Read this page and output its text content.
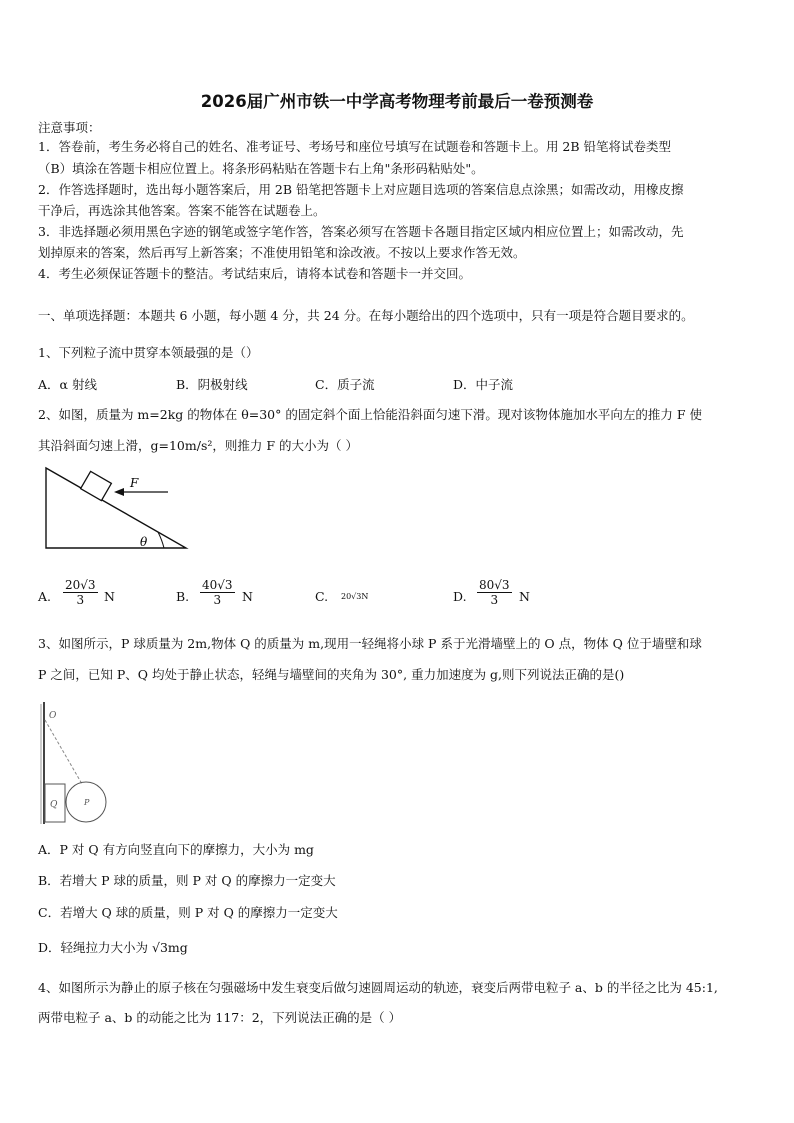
2026届广州市铁一中学高考物理考前最后一卷预测卷
注意事项：
1．答卷前，考生务必将自己的姓名、准考证号、考场号和座位号填写在试题卷和答题卡上。用 2B 铅笔将试卷类型
（B）填涂在答题卡相应位置上。将条形码粘贴在答题卡右上角"条形码粘贴处"。
2．作答选择题时，选出每小题答案后，用 2B 铅笔把答题卡上对应题目选项的答案信息点涂黑；如需改动，用橡皮擦
干净后，再选涂其他答案。答案不能答在试题卷上。
3．非选择题必须用黑色字迹的钢笔或签字笔作答，答案必须写在答题卡各题目指定区域内相应位置上；如需改动，先
划掉原来的答案，然后再写上新答案；不准使用铅笔和涂改液。不按以上要求作答无效。
4．考生必须保证答题卡的整洁。考试结束后，请将本试卷和答题卡一并交回。
一、单项选择题：本题共 6 小题，每小题 4 分，共 24 分。在每小题给出的四个选项中，只有一项是符合题目要求的。
1、下列粒子流中贯穿本领最强的是（）
A．α 射线	B．阴极射线	C．质子流	D．中子流
2、如图，质量为 m=2kg 的物体在 θ=30° 的固定斜个面上恰能沿斜面匀速下滑。现对该物体施加水平向左的推力 F 使
其沿斜面匀速上滑，g=10m/s²，则推力 F 的大小为（ ）
F
θ
A. $\frac{20√3}{3}$ N	B. $\frac{40√3}{3}$ N	C. 20√3N	D. $\frac{80√3}{3}$ N
3、如图所示，P 球质量为 2m,物体 Q 的质量为 m,现用一轻绳将小球 P 系于光滑墙壁上的 O 点，物体 Q 位于墙壁和球
P 之间，已知 P、Q 均处于静止状态，轻绳与墙壁间的夹角为 30°, 重力加速度为 g,则下列说法正确的是()
O
Q	P
A．P 对 Q 有方向竖直向下的摩擦力，大小为 mg
B．若增大 P 球的质量，则 P 对 Q 的摩擦力一定变大
C．若增大 Q 球的质量，则 P 对 Q 的摩擦力一定变大
D．轻绳拉力大小为 √3mg
4、如图所示为静止的原子核在匀强磁场中发生衰变后做匀速圆周运动的轨迹，衰变后两带电粒子 a、b 的半径之比为 45:1,
两带电粒子 a、b 的动能之比为 117：2，下列说法正确的是（ ）
